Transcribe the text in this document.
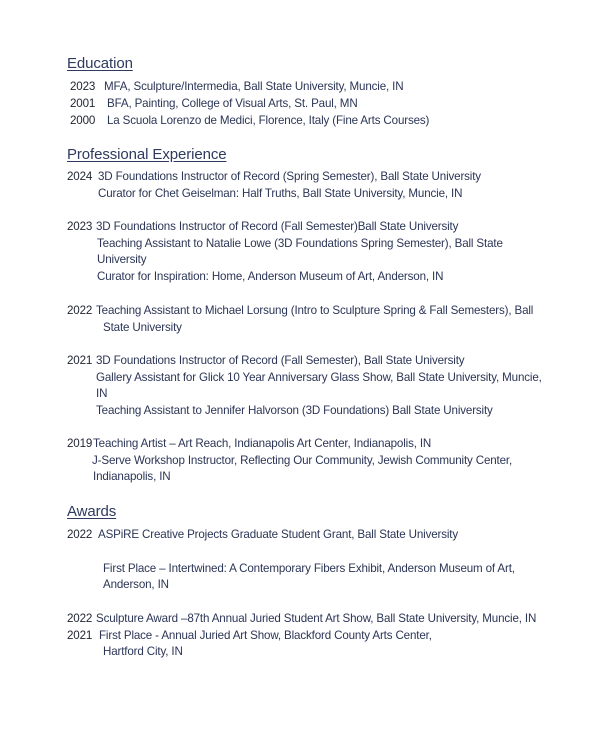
Education
2023 MFA, Sculpture/Intermedia, Ball State University, Muncie, IN
2001 BFA, Painting, College of Visual Arts, St. Paul, MN
2000 La Scuola Lorenzo de Medici, Florence, Italy (Fine Arts Courses)
Professional Experience
2024 3D Foundations Instructor of Record (Spring Semester), Ball State University
Curator for Chet Geiselman: Half Truths, Ball State University, Muncie, IN
2023 3D Foundations Instructor of Record (Fall Semester)Ball State University
Teaching Assistant to Natalie Lowe (3D Foundations Spring Semester), Ball State
University
Curator for Inspiration: Home, Anderson Museum of Art, Anderson, IN
2022 Teaching Assistant to Michael Lorsung (Intro to Sculpture Spring & Fall Semesters), Ball
State University
2021 3D Foundations Instructor of Record (Fall Semester), Ball State University
Gallery Assistant for Glick 10 Year Anniversary Glass Show, Ball State University, Muncie,
IN
Teaching Assistant to Jennifer Halvorson (3D Foundations) Ball State University
2019 Teaching Artist – Art Reach, Indianapolis Art Center, Indianapolis, IN
J-Serve Workshop Instructor, Reflecting Our Community, Jewish Community Center,
Indianapolis, IN
Awards
2022 ASPiRE Creative Projects Graduate Student Grant, Ball State University
First Place – Intertwined: A Contemporary Fibers Exhibit, Anderson Museum of Art,
Anderson, IN
2022 Sculpture Award –87th Annual Juried Student Art Show, Ball State University, Muncie, IN
2021 First Place - Annual Juried Art Show, Blackford County Arts Center,
Hartford City, IN
